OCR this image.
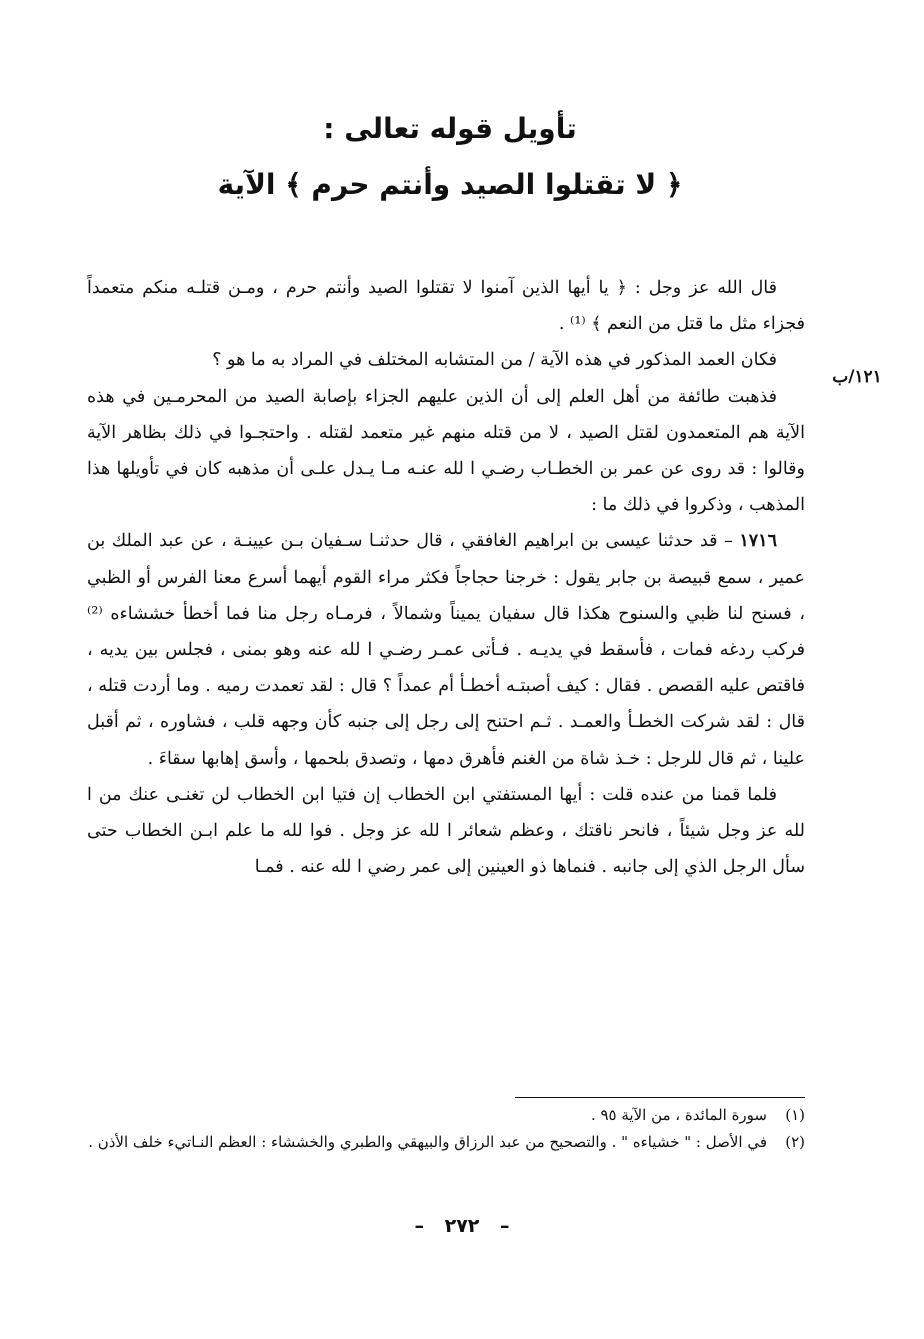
تأويل قوله تعالى :
﴿ لا تقتلوا الصيد وأنتم حرم ﴾ الآية
١٢١/ب

قال الله عز وجل : ﴿ يا أيها الذين آمنوا لا تقتلوا الصيد وأنتم حرم ، ومـن قتلـه منكم متعمداً فجزاء مثل ما قتل من النعم ﴾ ⁽¹⁾ .

فكان العمد المذكور في هذه الآية / من المتشابه المختلف في المراد به ما هو ؟

فذهبت طائفة من أهل العلم إلى أن الذين عليهم الجزاء بإصابة الصيد من المحرمـين في هذه الآية هم المتعمدون لقتل الصيد ، لا من قتله منهم غير متعمد لقتله . واحتجـوا في ذلك بظاهر الآية وقالوا : قد روى عن عمر بن الخطـاب رضـي ا لله عنـه مـا يـدل علـى أن مذهبه كان في تأويلها هذا المذهب ، وذكروا في ذلك ما :

١٧١٦ – قد حدثنا عيسى بن ابراهيم الغافقي ، قال حدثنـا سـفيان بـن عيينـة ، عن عبد الملك بن عمير ، سمع قبيصة بن جابر يقول : خرجنا حجاجاً فكثر مراء القوم أيهما أسرع معنا الفرس أو الظبي ، فسنح لنا ظبي والسنوح هكذا قال سفيان يميناً وشمالاً ، فرمـاه رجل منا فما أخطأ خششاءه ⁽²⁾ فركب ردغه فمات ، فأسقط في يديـه . فـأتى عمـر رضـي ا لله عنه وهو بمنى ، فجلس بين يديه ، فاقتص عليه القصص . فقال : كيف أصبتـه أخطـأ أم عمداً ؟ قال : لقد تعمدت رميه . وما أردت قتله ، قال : لقد شركت الخطـأ والعمـد . ثـم احتنح إلى رجل إلى جنبه كأن وجهه قلب ، فشاوره ، ثم أقبل علينا ، ثم قال للرجل : خـذ شاة من الغنم فأهرق دمها ، وتصدق بلحمها ، وأسق إهابها سقاءَ .

فلما قمنا من عنده قلت : أيها المستفتي ابن الخطاب إن فتيا ابن الخطاب لن تغنـى عنك من ا لله عز وجل شيئاً ، فانحر ناقتك ، وعظم شعائر ا لله عز وجل . فوا لله ما علم ابـن الخطاب حتى سأل الرجل الذي إلى جانبه . فنماها ذو العينين إلى عمر رضي ا لله عنه . فمـا

(١)
سورة المائدة ، من الآية ٩٥ .
(٢)
في الأصل : " خشياءه " . والتصحيح من عبد الرزاق والبيهقي والطبري والخششاء : العظم النـاتيء خلف الأذن .
– ٢٧٢ –
